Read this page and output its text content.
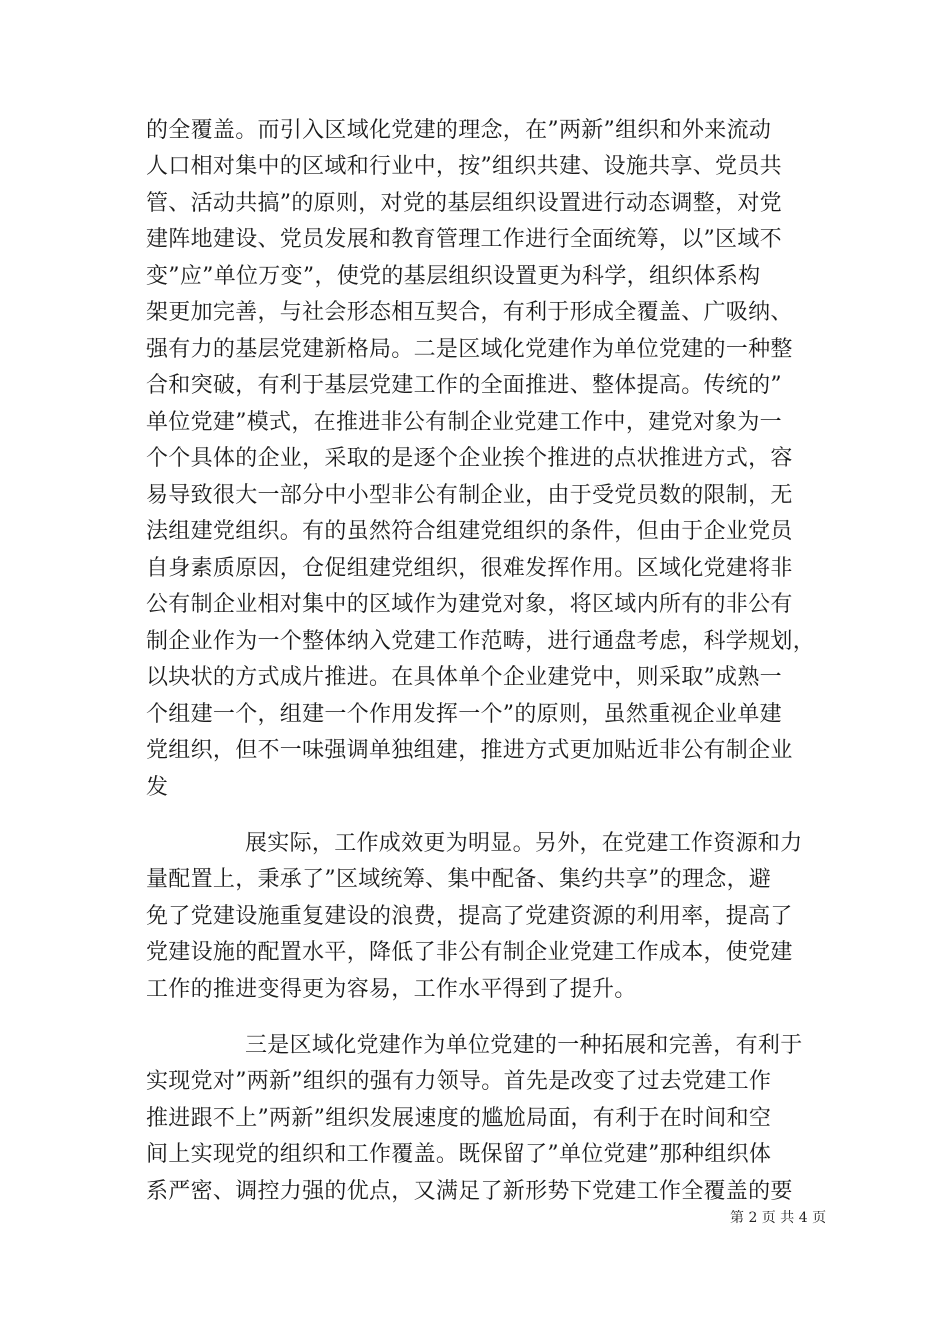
的全覆盖。而引入区域化党建的理念，在”两新”组织和外来流动
人口相对集中的区域和行业中，按”组织共建、设施共享、党员共
管、活动共搞”的原则，对党的基层组织设置进行动态调整，对党
建阵地建设、党员发展和教育管理工作进行全面统筹，以”区域不
变”应”单位万变”，使党的基层组织设置更为科学，组织体系构
架更加完善，与社会形态相互契合，有利于形成全覆盖、广吸纳、
强有力的基层党建新格局。二是区域化党建作为单位党建的一种整
合和突破，有利于基层党建工作的全面推进、整体提高。传统的”
单位党建”模式，在推进非公有制企业党建工作中，建党对象为一
个个具体的企业，采取的是逐个企业挨个推进的点状推进方式，容
易导致很大一部分中小型非公有制企业，由于受党员数的限制，无
法组建党组织。有的虽然符合组建党组织的条件，但由于企业党员
自身素质原因，仓促组建党组织，很难发挥作用。区域化党建将非
公有制企业相对集中的区域作为建党对象，将区域内所有的非公有
制企业作为一个整体纳入党建工作范畴，进行通盘考虑，科学规划，
以块状的方式成片推进。在具体单个企业建党中，则采取”成熟一
个组建一个，组建一个作用发挥一个”的原则，虽然重视企业单建
党组织，但不一味强调单独组建，推进方式更加贴近非公有制企业
发
展实际，工作成效更为明显。另外，在党建工作资源和力
量配置上，秉承了”区域统筹、集中配备、集约共享”的理念，避
免了党建设施重复建设的浪费，提高了党建资源的利用率，提高了
党建设施的配置水平，降低了非公有制企业党建工作成本，使党建
工作的推进变得更为容易，工作水平得到了提升。
三是区域化党建作为单位党建的一种拓展和完善，有利于
实现党对”两新”组织的强有力领导。首先是改变了过去党建工作
推进跟不上”两新”组织发展速度的尴尬局面，有利于在时间和空
间上实现党的组织和工作覆盖。既保留了”单位党建”那种组织体
系严密、调控力强的优点，又满足了新形势下党建工作全覆盖的要
第 2 页 共 4 页
